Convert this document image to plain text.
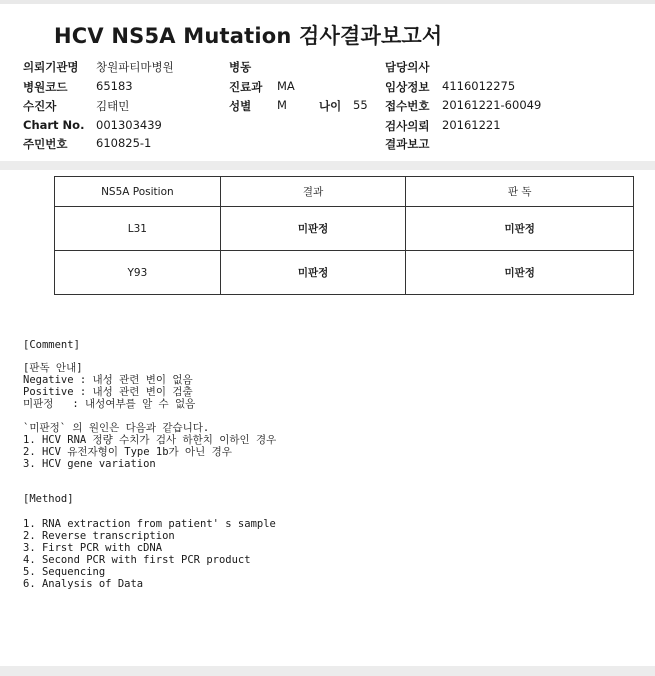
HCV NS5A Mutation 검사결과보고서
의뢰기관명 창원파티마병원
병원코드 65183
수진자	김태민
Chart No. 001303439
주민번호 610825-1
병동
진료과 MA
성별 M	나이 55
담당의사
임상정보 4116012275
접수번호 20161221-60049
검사의뢰 20161221
결과보고
NS5A Position	결과	판 독
L31	미판정	미판정
Y93	미판정	미판정
[Comment]
[판독 안내]
Negative : 내성 관련 변이 없음
Positive : 내성 관련 변이 검출
미판정   : 내성여부를 알 수 없음
`미판정` 의 원인은 다음과 같습니다.
1. HCV RNA 정량 수치가 검사 하한치 이하인 경우
2. HCV 유전자형이 Type 1b가 아닌 경우
3. HCV gene variation
[Method]
1. RNA extraction from patient' s sample
2. Reverse transcription
3. First PCR with cDNA
4. Second PCR with first PCR product
5. Sequencing
6. Analysis of Data
